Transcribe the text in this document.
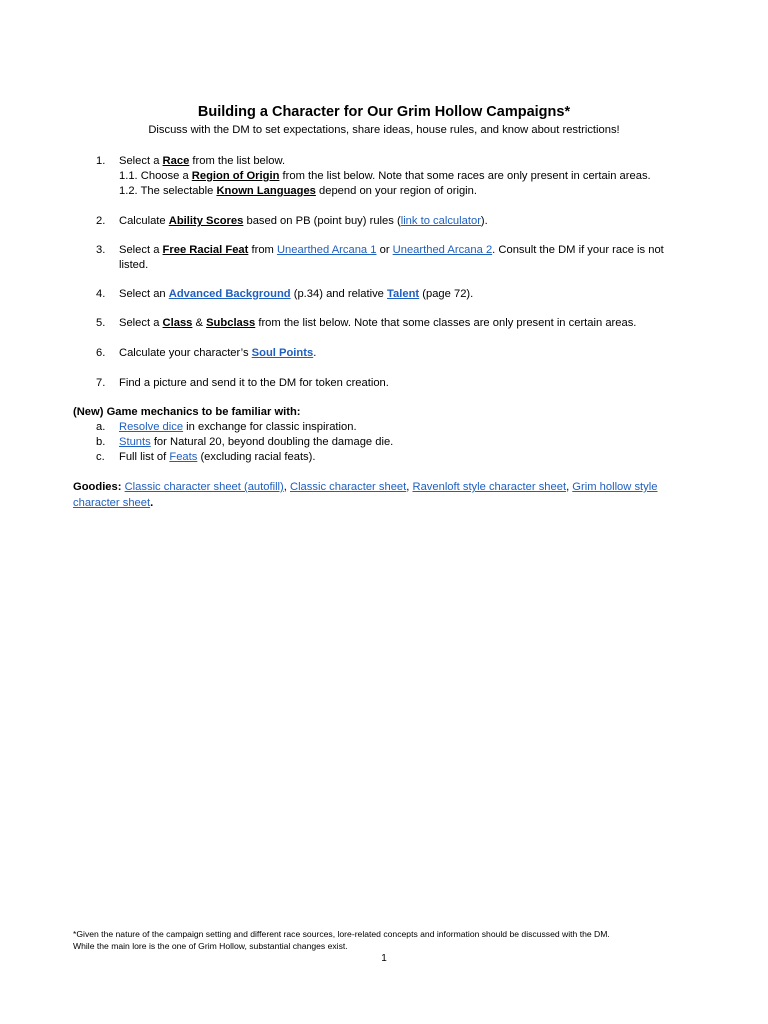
Building a Character for Our Grim Hollow Campaigns*
Discuss with the DM to set expectations, share ideas, house rules, and know about restrictions!
1. Select a Race from the list below.
1.1. Choose a Region of Origin from the list below. Note that some races are only present in certain areas.
1.2. The selectable Known Languages depend on your region of origin.
2. Calculate Ability Scores based on PB (point buy) rules (link to calculator).
3. Select a Free Racial Feat from Unearthed Arcana 1 or Unearthed Arcana 2. Consult the DM if your race is not
listed.
4. Select an Advanced Background (p.34) and relative Talent (page 72).
5. Select a Class & Subclass from the list below. Note that some classes are only present in certain areas.
6. Calculate your character’s Soul Points.
7. Find a picture and send it to the DM for token creation.
(New) Game mechanics to be familiar with:
a. Resolve dice in exchange for classic inspiration.
b. Stunts for Natural 20, beyond doubling the damage die.
c. Full list of Feats (excluding racial feats).
Goodies: Classic character sheet (autofill), Classic character sheet, Ravenloft style character sheet, Grim hollow style
character sheet.
*Given the nature of the campaign setting and different race sources, lore-related concepts and information should be discussed with the DM.
While the main lore is the one of Grim Hollow, substantial changes exist.
1
